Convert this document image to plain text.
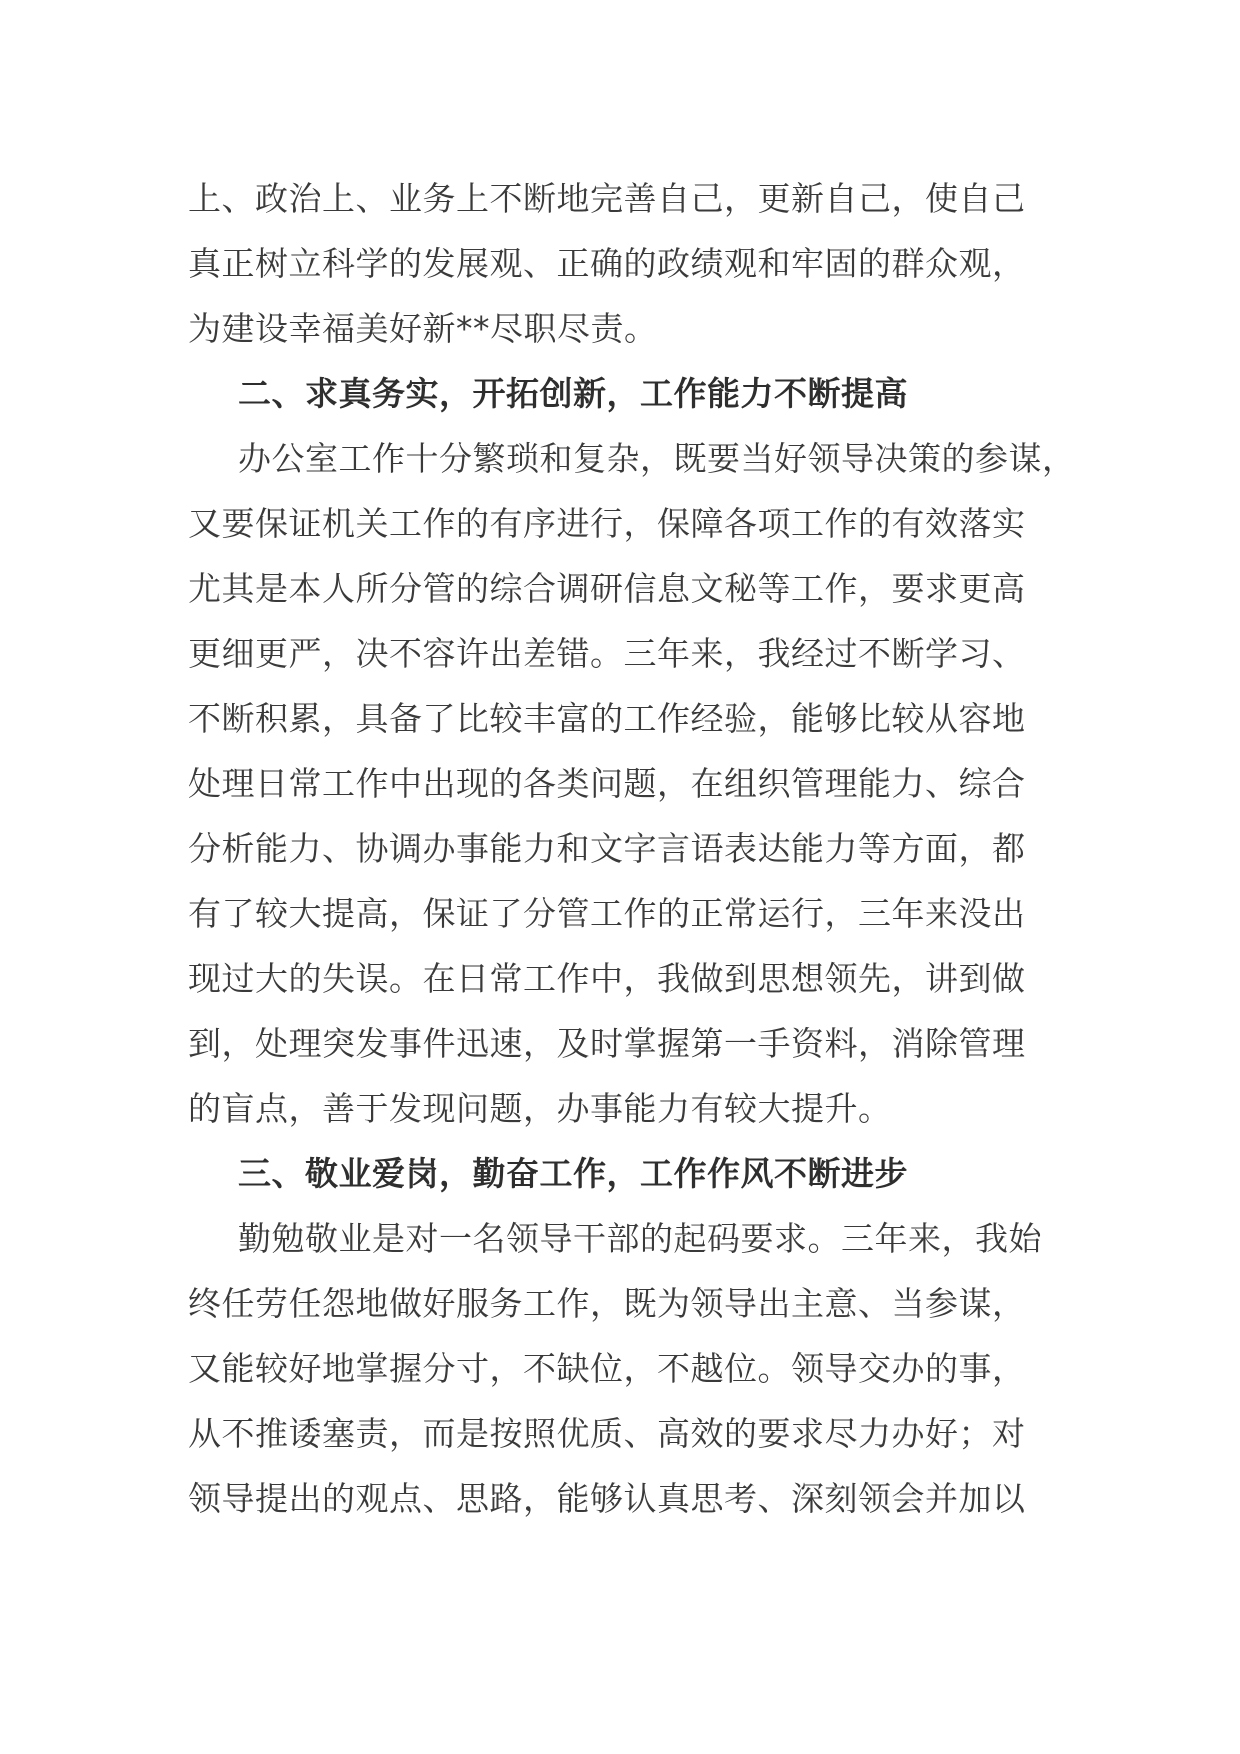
上、政治上、业务上不断地完善自己，更新自己，使自己
真正树立科学的发展观、正确的政绩观和牢固的群众观，
为建设幸福美好新**尽职尽责。
二、求真务实，开拓创新，工作能力不断提高
办公室工作十分繁琐和复杂，既要当好领导决策的参谋，
又要保证机关工作的有序进行，保障各项工作的有效落实
尤其是本人所分管的综合调研信息文秘等工作，要求更高
更细更严，决不容许出差错。三年来，我经过不断学习、
不断积累，具备了比较丰富的工作经验，能够比较从容地
处理日常工作中出现的各类问题，在组织管理能力、综合
分析能力、协调办事能力和文字言语表达能力等方面，都
有了较大提高，保证了分管工作的正常运行，三年来没出
现过大的失误。在日常工作中，我做到思想领先，讲到做
到，处理突发事件迅速，及时掌握第一手资料，消除管理
的盲点，善于发现问题，办事能力有较大提升。
三、敬业爱岗，勤奋工作，工作作风不断进步
勤勉敬业是对一名领导干部的起码要求。三年来，我始
终任劳任怨地做好服务工作，既为领导出主意、当参谋，
又能较好地掌握分寸，不缺位，不越位。领导交办的事，
从不推诿塞责，而是按照优质、高效的要求尽力办好；对
领导提出的观点、思路，能够认真思考、深刻领会并加以
